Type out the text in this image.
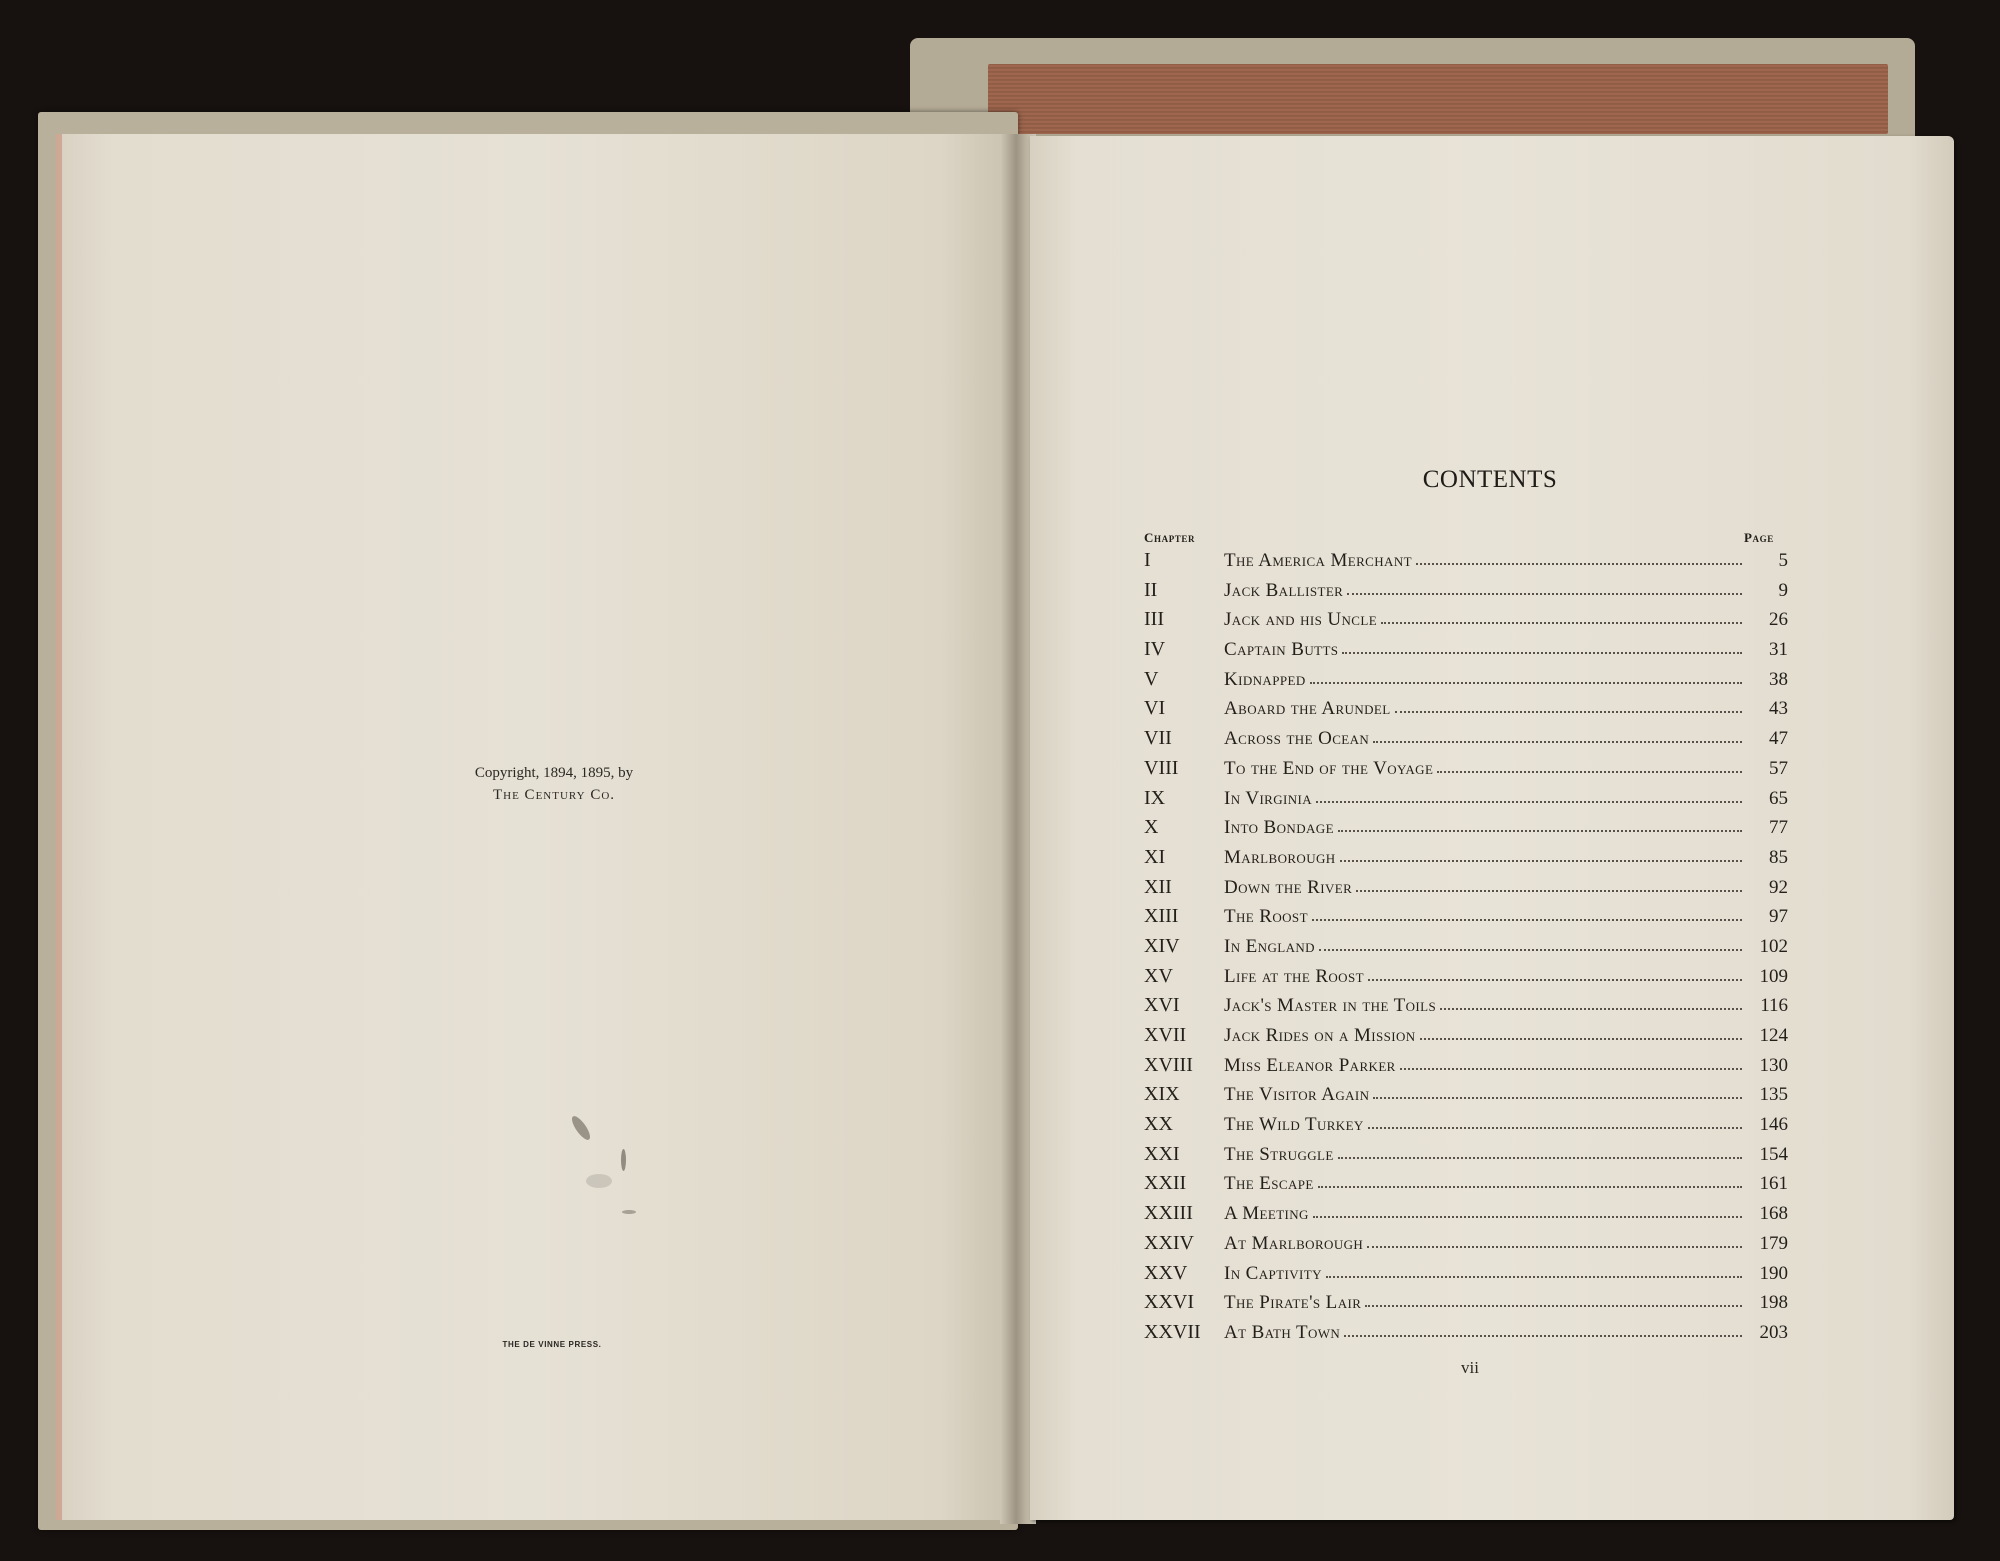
Copyright, 1894, 1895, by
The Century Co.
THE DE VINNE PRESS.
CONTENTS
Chapter	Page
I	The America Merchant	5
II	Jack Ballister	9
III	Jack and his Uncle	26
IV	Captain Butts	31
V	Kidnapped	38
VI	Aboard the Arundel	43
VII	Across the Ocean	47
VIII	To the End of the Voyage	57
IX	In Virginia	65
X	Into Bondage	77
XI	Marlborough	85
XII	Down the River	92
XIII	The Roost	97
XIV	In England	102
XV	Life at the Roost	109
XVI	Jack's Master in the Toils	116
XVII	Jack Rides on a Mission	124
XVIII	Miss Eleanor Parker	130
XIX	The Visitor Again	135
XX	The Wild Turkey	146
XXI	The Struggle	154
XXII	The Escape	161
XXIII	A Meeting	168
XXIV	At Marlborough	179
XXV	In Captivity	190
XXVI	The Pirate's Lair	198
XXVII	At Bath Town	203
vii
